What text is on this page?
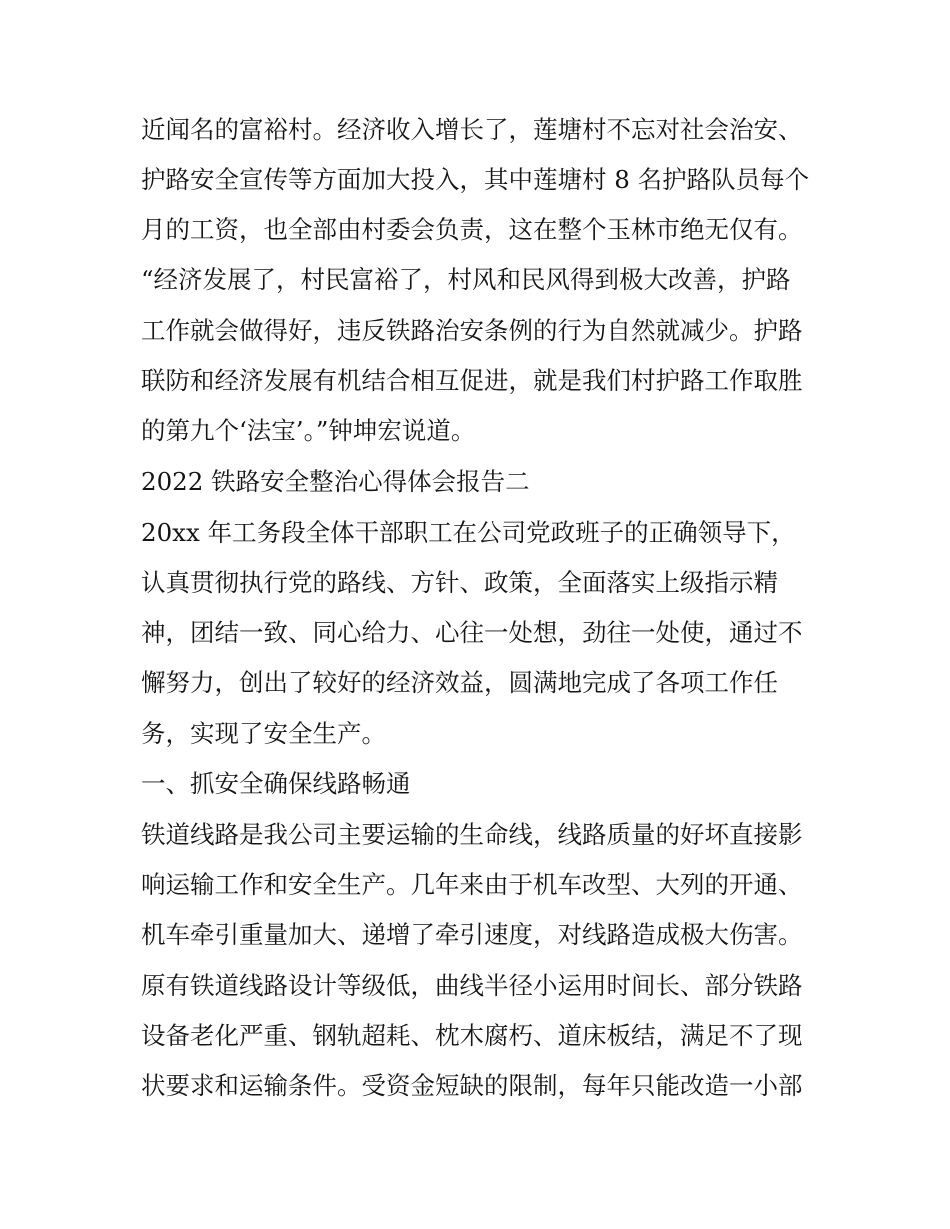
近闻名的富裕村。经济收入增长了，莲塘村不忘对社会治安、
护路安全宣传等方面加大投入，其中莲塘村 8 名护路队员每个
月的工资，也全部由村委会负责，这在整个玉林市绝无仅有。
“经济发展了，村民富裕了，村风和民风得到极大改善，护路
工作就会做得好，违反铁路治安条例的行为自然就减少。护路
联防和经济发展有机结合相互促进，就是我们村护路工作取胜
的第九个‘法宝’。”钟坤宏说道。
2022 铁路安全整治心得体会报告二
20xx 年工务段全体干部职工在公司党政班子的正确领导下，
认真贯彻执行党的路线、方针、政策，全面落实上级指示精
神，团结一致、同心给力、心往一处想，劲往一处使，通过不
懈努力，创出了较好的经济效益，圆满地完成了各项工作任
务，实现了安全生产。
一、抓安全确保线路畅通
铁道线路是我公司主要运输的生命线，线路质量的好坏直接影
响运输工作和安全生产。几年来由于机车改型、大列的开通、
机车牵引重量加大、递增了牵引速度，对线路造成极大伤害。
原有铁道线路设计等级低，曲线半径小运用时间长、部分铁路
设备老化严重、钢轨超耗、枕木腐朽、道床板结，满足不了现
状要求和运输条件。受资金短缺的限制，每年只能改造一小部
